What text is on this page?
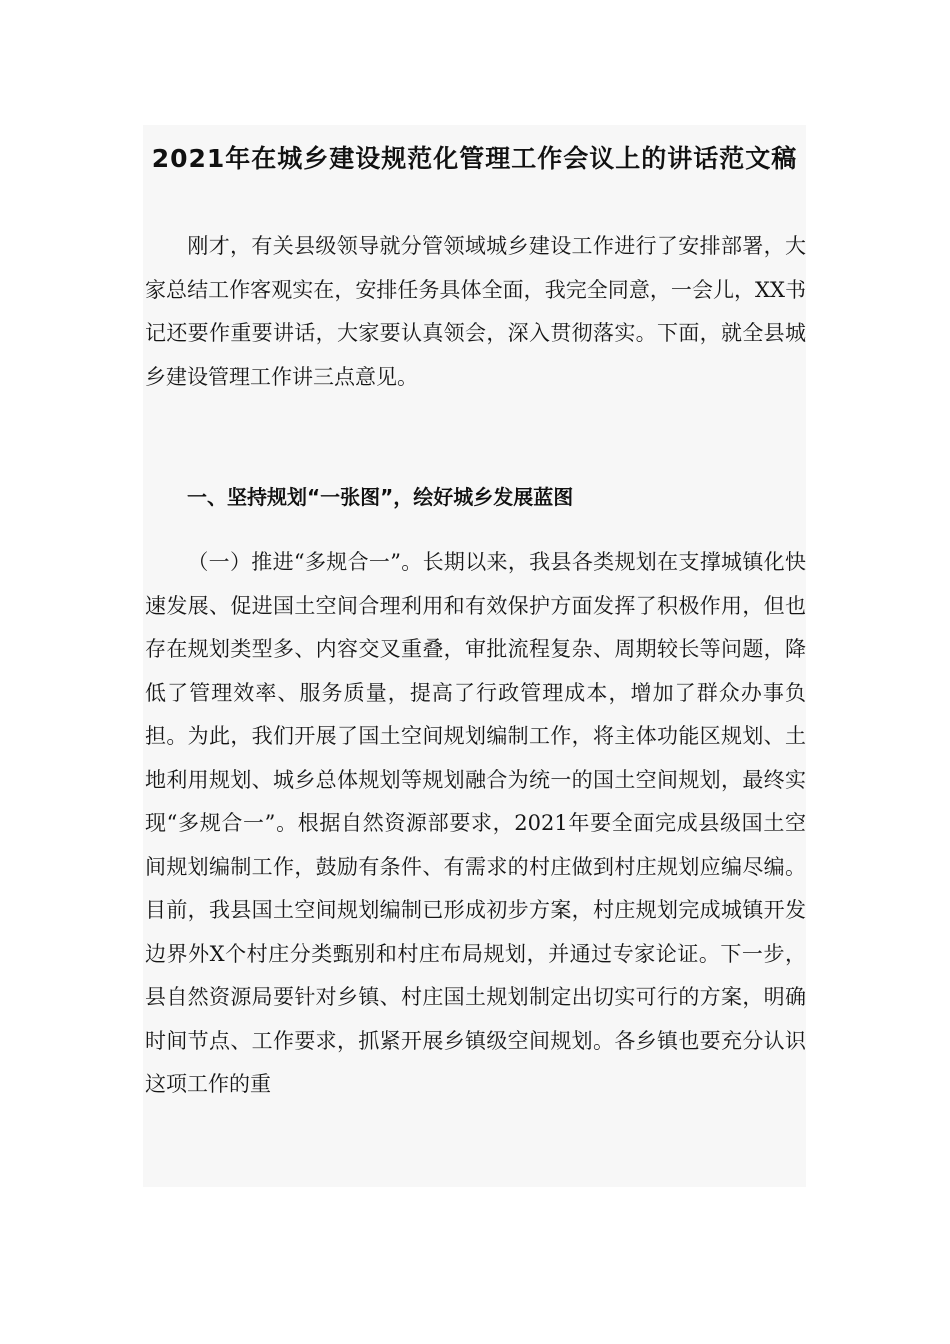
2021年在城乡建设规范化管理工作会议上的讲话范文稿

刚才，有关县级领导就分管领域城乡建设工作进行了安排部署，大家总结工作客观实在，安排任务具体全面，我完全同意，一会儿，XX书记还要作重要讲话，大家要认真领会，深入贯彻落实。下面，就全县城乡建设管理工作讲三点意见。

一、坚持规划“一张图”，绘好城乡发展蓝图

（一）推进“多规合一”。长期以来，我县各类规划在支撑城镇化快速发展、促进国土空间合理利用和有效保护方面发挥了积极作用，但也存在规划类型多、内容交叉重叠，审批流程复杂、周期较长等问题，降低了管理效率、服务质量，提高了行政管理成本，增加了群众办事负担。为此，我们开展了国土空间规划编制工作，将主体功能区规划、土地利用规划、城乡总体规划等规划融合为统一的国土空间规划，最终实现“多规合一”。根据自然资源部要求，2021年要全面完成县级国土空间规划编制工作，鼓励有条件、有需求的村庄做到村庄规划应编尽编。目前，我县国土空间规划编制已形成初步方案，村庄规划完成城镇开发边界外X个村庄分类甄别和村庄布局规划，并通过专家论证。下一步，县自然资源局要针对乡镇、村庄国土规划制定出切实可行的方案，明确时间节点、工作要求，抓紧开展乡镇级空间规划。各乡镇也要充分认识这项工作的重
